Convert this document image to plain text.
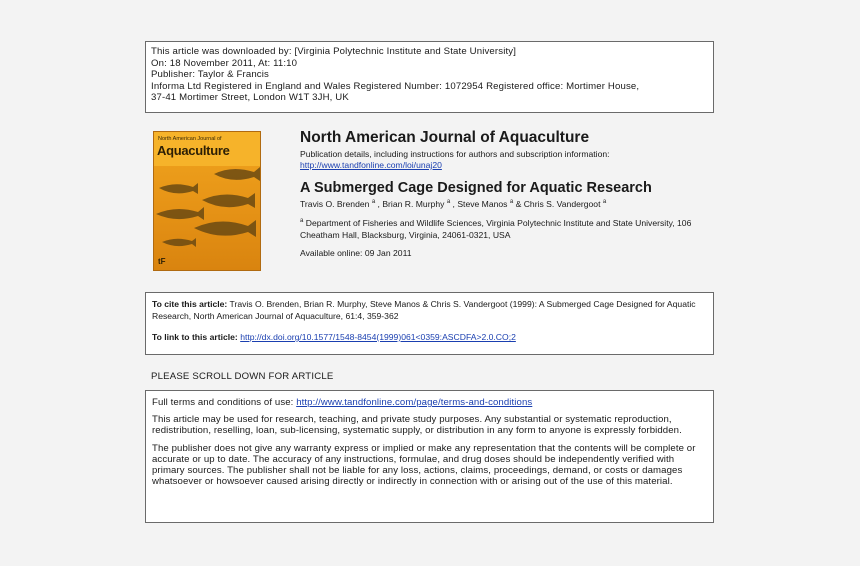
This article was downloaded by: [Virginia Polytechnic Institute and State University]
On: 18 November 2011, At: 11:10
Publisher: Taylor & Francis
Informa Ltd Registered in England and Wales Registered Number: 1072954 Registered office: Mortimer House,
37-41 Mortimer Street, London W1T 3JH, UK
North American Journal of
Aquaculture
tF
North American Journal of Aquaculture
Publication details, including instructions for authors and subscription information:
http://www.tandfonline.com/loi/unaj20
A Submerged Cage Designed for Aquatic Research
Travis O. Brenden $^a$ , Brian R. Murphy $^a$ , Steve Manos $^a$ & Chris S. Vandergoot $^a$
$^a$ Department of Fisheries and Wildlife Sciences, Virginia Polytechnic Institute and State University, 106 Cheatham Hall, Blacksburg, Virginia, 24061-0321, USA
Available online: 09 Jan 2011
To cite this article: Travis O. Brenden, Brian R. Murphy, Steve Manos & Chris S. Vandergoot (1999): A Submerged Cage Designed for Aquatic Research, North American Journal of Aquaculture, 61:4, 359-362
To link to this article: http://dx.doi.org/10.1577/1548-8454(1999)061<0359:ASCDFA>2.0.CO;2
PLEASE SCROLL DOWN FOR ARTICLE

Full terms and conditions of use: http://www.tandfonline.com/page/terms-and-conditions

This article may be used for research, teaching, and private study purposes. Any substantial or systematic reproduction, redistribution, reselling, loan, sub-licensing, systematic supply, or distribution in any form to anyone is expressly forbidden.

The publisher does not give any warranty express or implied or make any representation that the contents will be complete or accurate or up to date. The accuracy of any instructions, formulae, and drug doses should be independently verified with primary sources. The publisher shall not be liable for any loss, actions, claims, proceedings, demand, or costs or damages whatsoever or howsoever caused arising directly or indirectly in connection with or arising out of the use of this material.
